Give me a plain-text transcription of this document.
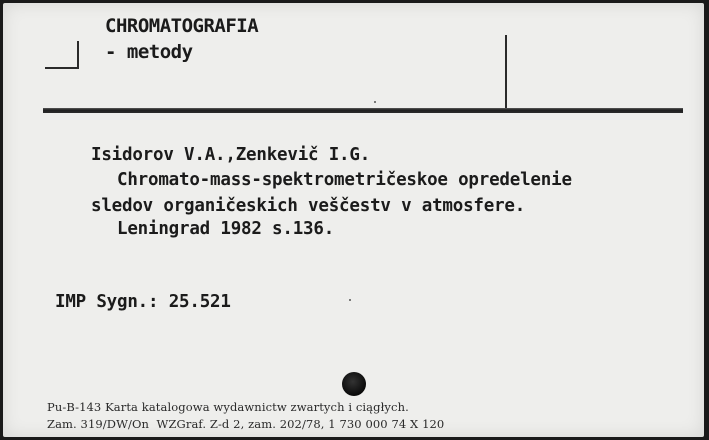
CHROMATOGRAFIA
- metody
Isidorov V.A.,Zenkevič I.G.
Chromato-mass-spektrometričeskoe opredelenie
sledov organičeskich veščestv v atmosfere.
Leningrad 1982 s.136.
IMP Sygn.: 25.521
Pu-B-143 Karta katalogowa wydawnictw zwartych i ciągłych.
Zam. 319/DW/On  WZGraf. Z-d 2, zam. 202/78, 1 730 000 74 X 120
